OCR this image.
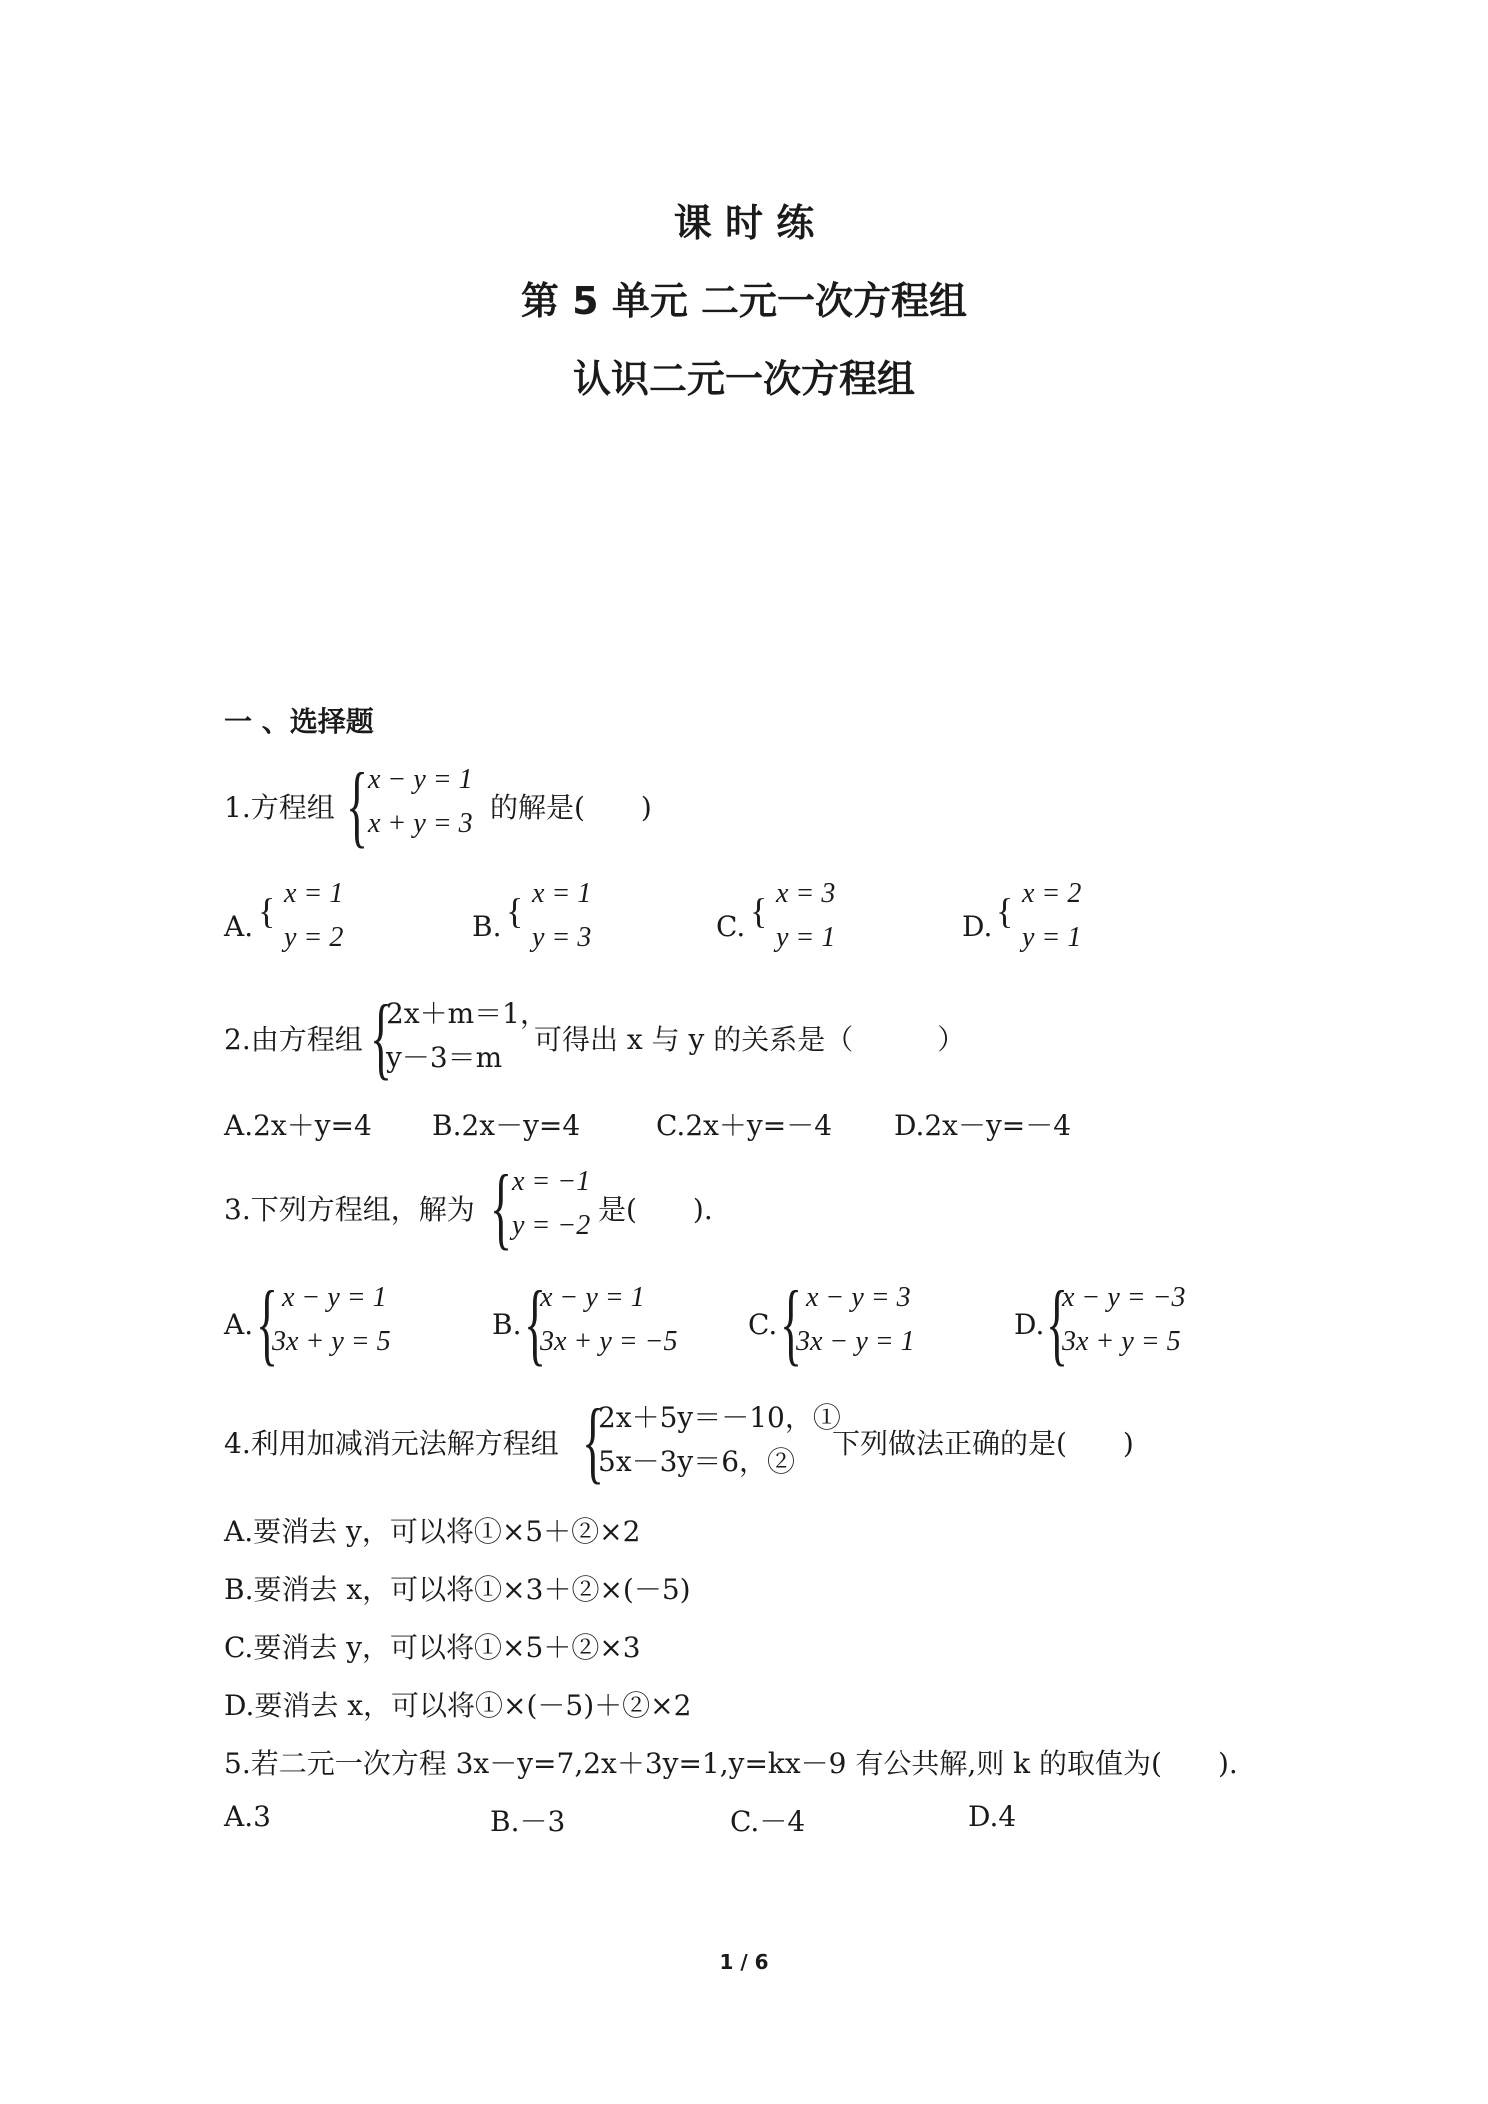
课 时 练
第 5 单元 二元一次方程组
认识二元一次方程组
一 、选择题
1.方程组 { x − y = 1
x + y = 3 的解是(　　)
A. { x = 1
y = 2	B. { x = 1
y = 3	C. { x = 3
y = 1	D. { x = 2
y = 1
2.由方程组 {
2x＋m＝1，
y－3＝m
可得出 x 与 y 的关系是（　　　）
A.2x＋y=4 B.2x－y=4	C.2x＋y=－4 D.2x－y=－4
3.下列方程组，解为 { x = −1
y = −2 是(　　).
A. { x − y = 1
3x + y = 5
B. {
x − y = 1
3x + y = −5
C. { x − y = 3
3x − y = 1
D. {
x − y = −3
3x + y = 5
4.利用加减消元法解方程组 {
2x＋5y＝－10，①
5x－3y＝6，②
下列做法正确的是(　　)
A.要消去 y，可以将①×5＋②×2
B.要消去 x，可以将①×3＋②×(－5)
C.要消去 y，可以将①×5＋②×3
D.要消去 x，可以将①×(－5)＋②×2
5.若二元一次方程 3x－y=7,2x＋3y=1,y=kx－9 有公共解,则 k 的取值为(　　).
A.3	B.－3	C.－4	D.4
1 / 6
